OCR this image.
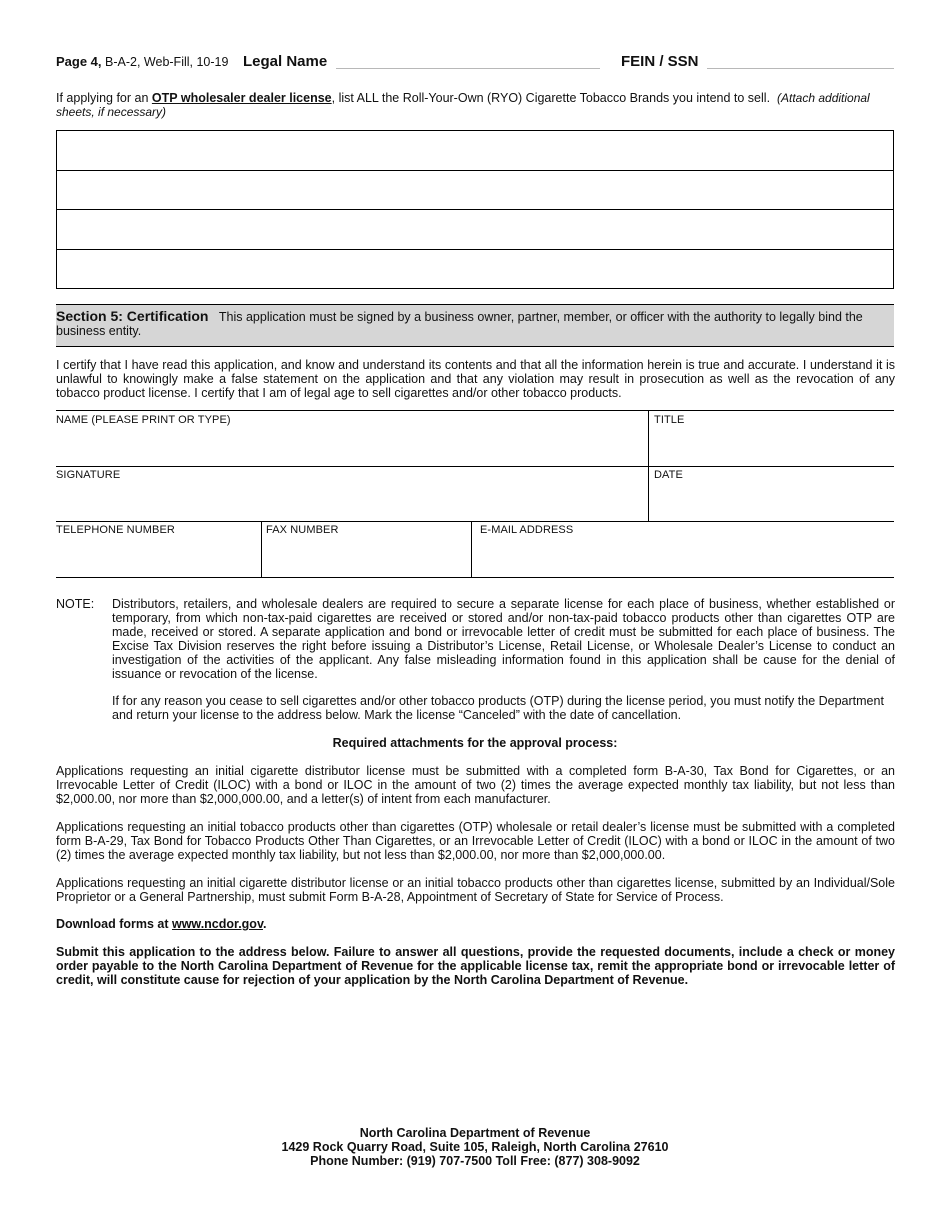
Page 4, B-A-2, Web-Fill, 10-19 Legal Name	FEIN / SSN
If applying for an OTP wholesaler dealer license, list ALL the Roll-Your-Own (RYO) Cigarette Tobacco Brands you intend to sell. (Attach additional sheets, if necessary)
Section 5: Certification This application must be signed by a business owner, partner, member, or officer with the authority to legally bind the business entity.
I certify that I have read this application, and know and understand its contents and that all the information herein is true and accurate. I understand it is unlawful to knowingly make a false statement on the application and that any violation may result in prosecution as well as the revocation of any tobacco product license. I certify that I am of legal age to sell cigarettes and/or other tobacco products.
NAME (PLEASE PRINT OR TYPE)	TITLE
SIGNATURE	DATE
TELEPHONE NUMBER	FAX NUMBER	E-MAIL ADDRESS
NOTE: Distributors, retailers, and wholesale dealers are required to secure a separate license for each place of business, whether established or temporary, from which non-tax-paid cigarettes are received or stored and/or non-tax-paid tobacco products other than cigarettes OTP are made, received or stored. A separate application and bond or irrevocable letter of credit must be submitted for each place of business. The Excise Tax Division reserves the right before issuing a Distributor’s License, Retail License, or Wholesale Dealer’s License to conduct an investigation of the activities of the applicant. Any false misleading information found in this application shall be cause for the denial of issuance or revocation of the license.
If for any reason you cease to sell cigarettes and/or other tobacco products (OTP) during the license period, you must notify the Department and return your license to the address below. Mark the license “Canceled” with the date of cancellation.
Required attachments for the approval process:
Applications requesting an initial cigarette distributor license must be submitted with a completed form B-A-30, Tax Bond for Cigarettes, or an Irrevocable Letter of Credit (ILOC) with a bond or ILOC in the amount of two (2) times the average expected monthly tax liability, but not less than $2,000.00, nor more than $2,000,000.00, and a letter(s) of intent from each manufacturer.
Applications requesting an initial tobacco products other than cigarettes (OTP) wholesale or retail dealer’s license must be submitted with a completed form B-A-29, Tax Bond for Tobacco Products Other Than Cigarettes, or an Irrevocable Letter of Credit (ILOC) with a bond or ILOC in the amount of two (2) times the average expected monthly tax liability, but not less than $2,000.00, nor more than $2,000,000.00.
Applications requesting an initial cigarette distributor license or an initial tobacco products other than cigarettes license, submitted by an Individual/Sole Proprietor or a General Partnership, must submit Form B-A-28, Appointment of Secretary of State for Service of Process.
Download forms at www.ncdor.gov.
Submit this application to the address below. Failure to answer all questions, provide the requested documents, include a check or money order payable to the North Carolina Department of Revenue for the applicable license tax, remit the appropriate bond or irrevocable letter of credit, will constitute cause for rejection of your application by the North Carolina Department of Revenue.
North Carolina Department of Revenue
1429 Rock Quarry Road, Suite 105, Raleigh, North Carolina 27610
Phone Number: (919) 707-7500 Toll Free: (877) 308-9092
